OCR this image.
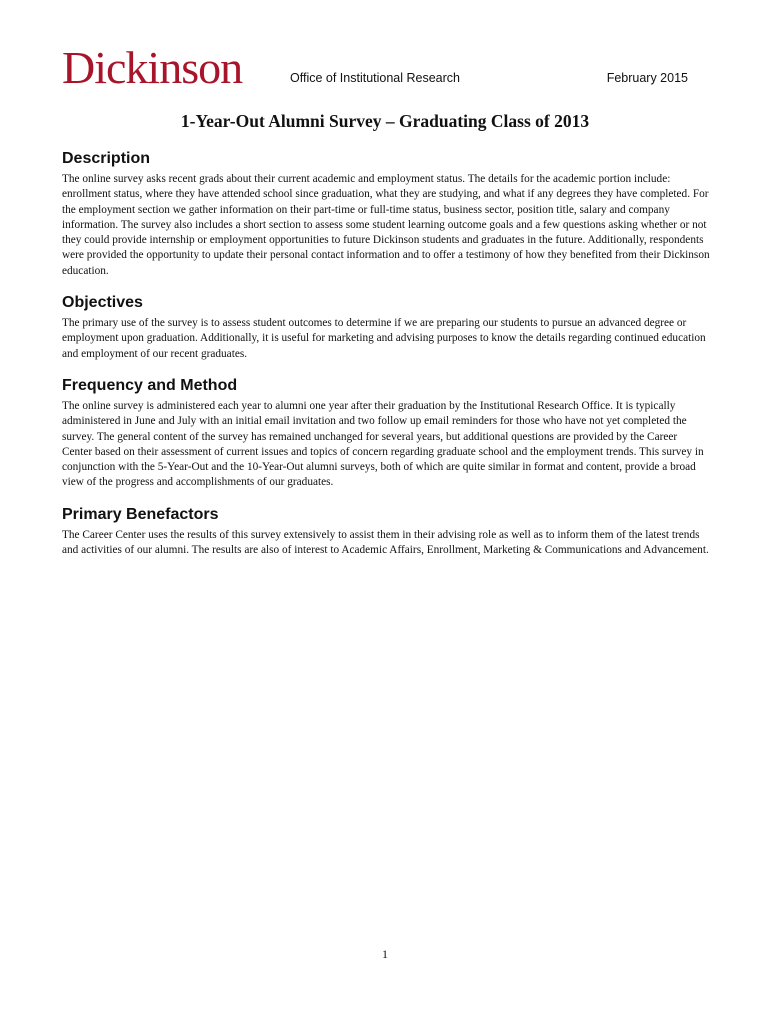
Dickinson	Office of Institutional Research	February 2015
1-Year-Out Alumni Survey – Graduating Class of 2013
Description

The online survey asks recent grads about their current academic and employment status. The details for the academic portion include: enrollment status, where they have attended school since graduation, what they are studying, and what if any degrees they have completed. For the employment section we gather information on their part-time or full-time status, business sector, position title, salary and company information. The survey also includes a short section to assess some student learning outcome goals and a few questions asking whether or not they could provide internship or employment opportunities to future Dickinson students and graduates in the future. Additionally, respondents were provided the opportunity to update their personal contact information and to offer a testimony of how they benefited from their Dickinson education.

Objectives

The primary use of the survey is to assess student outcomes to determine if we are preparing our students to pursue an advanced degree or employment upon graduation. Additionally, it is useful for marketing and advising purposes to know the details regarding continued education and employment of our recent graduates.

Frequency and Method

The online survey is administered each year to alumni one year after their graduation by the Institutional Research Office. It is typically administered in June and July with an initial email invitation and two follow up email reminders for those who have not yet completed the survey. The general content of the survey has remained unchanged for several years, but additional questions are provided by the Career Center based on their assessment of current issues and topics of concern regarding graduate school and the employment trends. This survey in conjunction with the 5-Year-Out and the 10-Year-Out alumni surveys, both of which are quite similar in format and content, provide a broad view of the progress and accomplishments of our graduates.

Primary Benefactors

The Career Center uses the results of this survey extensively to assist them in their advising role as well as to inform them of the latest trends and activities of our alumni. The results are also of interest to Academic Affairs, Enrollment, Marketing & Communications and Advancement.

1
